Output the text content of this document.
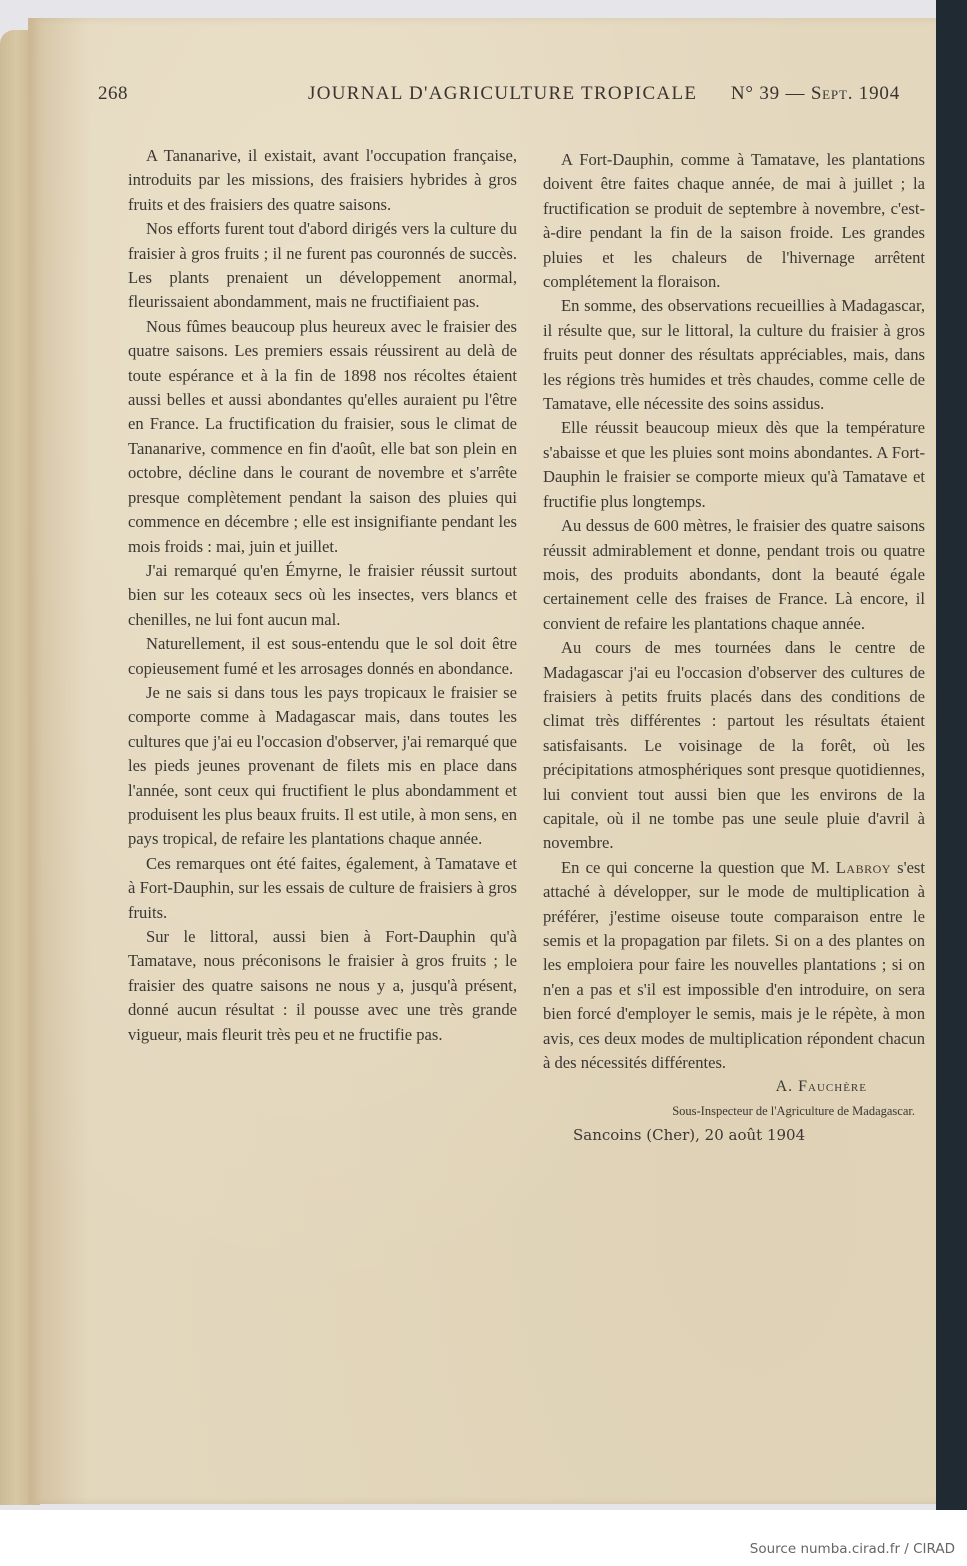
268	JOURNAL D'AGRICULTURE TROPICALE N° 39 — Sept. 1904

A Tananarive, il existait, avant l'occupation française, introduits par les missions, des fraisiers hybrides à gros fruits et des fraisiers des quatre saisons.

Nos efforts furent tout d'abord dirigés vers la culture du fraisier à gros fruits ; il ne furent pas couronnés de succès. Les plants prenaient un développement anormal, fleurissaient abondamment, mais ne fructifiaient pas.

Nous fûmes beaucoup plus heureux avec le fraisier des quatre saisons. Les premiers essais réussirent au delà de toute espérance et à la fin de 1898 nos récoltes étaient aussi belles et aussi abondantes qu'elles auraient pu l'être en France. La fructification du fraisier, sous le climat de Tananarive, commence en fin d'août, elle bat son plein en octobre, décline dans le courant de novembre et s'arrête presque complètement pendant la saison des pluies qui commence en décembre ; elle est insignifiante pendant les mois froids : mai, juin et juillet.

J'ai remarqué qu'en Émyrne, le fraisier réussit surtout bien sur les coteaux secs où les insectes, vers blancs et chenilles, ne lui font aucun mal.

Naturellement, il est sous-entendu que le sol doit être copieusement fumé et les arrosages donnés en abondance.

Je ne sais si dans tous les pays tropicaux le fraisier se comporte comme à Madagascar mais, dans toutes les cultures que j'ai eu l'occasion d'observer, j'ai remarqué que les pieds jeunes provenant de filets mis en place dans l'année, sont ceux qui fructifient le plus abondamment et produisent les plus beaux fruits. Il est utile, à mon sens, en pays tropical, de refaire les plantations chaque année.

Ces remarques ont été faites, également, à Tamatave et à Fort-Dauphin, sur les essais de culture de fraisiers à gros fruits.

Sur le littoral, aussi bien à Fort-Dauphin qu'à Tamatave, nous préconisons le fraisier à gros fruits ; le fraisier des quatre saisons ne nous y a, jusqu'à présent, donné aucun résultat : il pousse avec une très grande vigueur, mais fleurit très peu et ne fructifie pas.

A Fort-Dauphin, comme à Tamatave, les plantations doivent être faites chaque année, de mai à juillet ; la fructification se produit de septembre à novembre, c'est-à-dire pendant la fin de la saison froide. Les grandes pluies et les chaleurs de l'hivernage arrêtent complétement la floraison.

En somme, des observations recueillies à Madagascar, il résulte que, sur le littoral, la culture du fraisier à gros fruits peut donner des résultats appréciables, mais, dans les régions très humides et très chaudes, comme celle de Tamatave, elle nécessite des soins assidus.

Elle réussit beaucoup mieux dès que la température s'abaisse et que les pluies sont moins abondantes. A Fort-Dauphin le fraisier se comporte mieux qu'à Tamatave et fructifie plus longtemps.

Au dessus de 600 mètres, le fraisier des quatre saisons réussit admirablement et donne, pendant trois ou quatre mois, des produits abondants, dont la beauté égale certainement celle des fraises de France. Là encore, il convient de refaire les plantations chaque année.

Au cours de mes tournées dans le centre de Madagascar j'ai eu l'occasion d'observer des cultures de fraisiers à petits fruits placés dans des conditions de climat très différentes : partout les résultats étaient satisfaisants. Le voisinage de la forêt, où les précipitations atmosphériques sont presque quotidiennes, lui convient tout aussi bien que les environs de la capitale, où il ne tombe pas une seule pluie d'avril à novembre.

En ce qui concerne la question que M. Labroy s'est attaché à développer, sur le mode de multiplication à préférer, j'estime oiseuse toute comparaison entre le semis et la propagation par filets. Si on a des plantes on les emploiera pour faire les nouvelles plantations ; si on n'en a pas et s'il est impossible d'en introduire, on sera bien forcé d'employer le semis, mais je le répète, à mon avis, ces deux modes de multiplication répondent chacun à des nécessités différentes.

A. Fauchère

Sous-Inspecteur de l'Agriculture de Madagascar.

Sancoins (Cher), 20 août 1904

Source numba.cirad.fr / CIRAD
